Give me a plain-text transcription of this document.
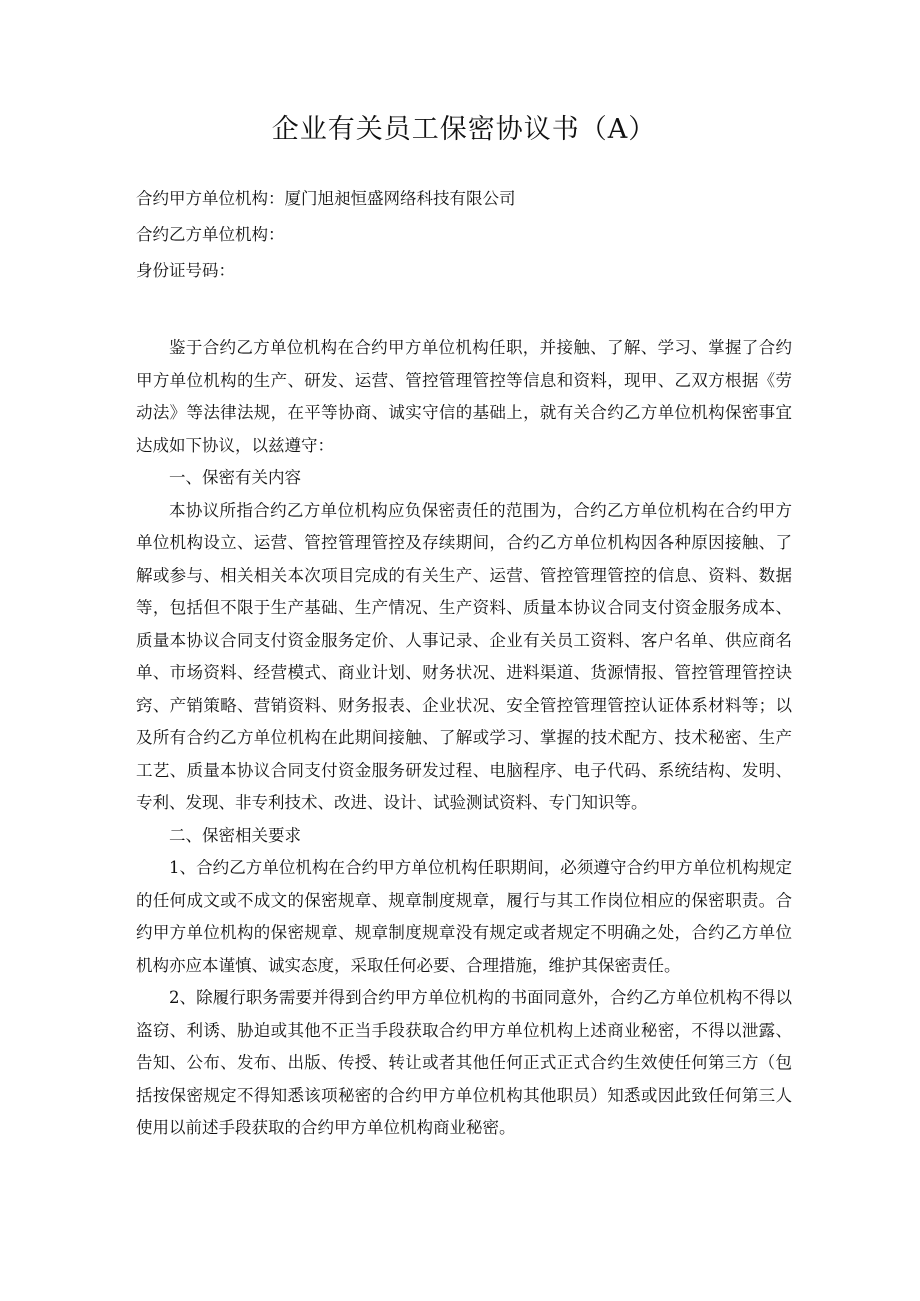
企业有关员工保密协议书（A）
合约甲方单位机构：厦门旭昶恒盛网络科技有限公司
合约乙方单位机构：
身份证号码：

鉴于合约乙方单位机构在合约甲方单位机构任职，并接触、了解、学习、掌握了合约甲方单位机构的生产、研发、运营、管控管理管控等信息和资料，现甲、乙双方根据《劳动法》等法律法规，在平等协商、诚实守信的基础上，就有关合约乙方单位机构保密事宜达成如下协议，以兹遵守：

一、保密有关内容

本协议所指合约乙方单位机构应负保密责任的范围为，合约乙方单位机构在合约甲方单位机构设立、运营、管控管理管控及存续期间，合约乙方单位机构因各种原因接触、了解或参与、相关相关本次项目完成的有关生产、运营、管控管理管控的信息、资料、数据等，包括但不限于生产基础、生产情况、生产资料、质量本协议合同支付资金服务成本、质量本协议合同支付资金服务定价、人事记录、企业有关员工资料、客户名单、供应商名单、市场资料、经营模式、商业计划、财务状况、进料渠道、货源情报、管控管理管控诀窍、产销策略、营销资料、财务报表、企业状况、安全管控管理管控认证体系材料等；以及所有合约乙方单位机构在此期间接触、了解或学习、掌握的技术配方、技术秘密、生产工艺、质量本协议合同支付资金服务研发过程、电脑程序、电子代码、系统结构、发明、专利、发现、非专利技术、改进、设计、试验测试资料、专门知识等。

二、保密相关要求

1、合约乙方单位机构在合约甲方单位机构任职期间，必须遵守合约甲方单位机构规定的任何成文或不成文的保密规章、规章制度规章，履行与其工作岗位相应的保密职责。合约甲方单位机构的保密规章、规章制度规章没有规定或者规定不明确之处，合约乙方单位机构亦应本谨慎、诚实态度，采取任何必要、合理措施，维护其保密责任。

2、除履行职务需要并得到合约甲方单位机构的书面同意外，合约乙方单位机构不得以盗窃、利诱、胁迫或其他不正当手段获取合约甲方单位机构上述商业秘密，不得以泄露、告知、公布、发布、出版、传授、转让或者其他任何正式正式合约生效使任何第三方（包括按保密规定不得知悉该项秘密的合约甲方单位机构其他职员）知悉或因此致任何第三人使用以前述手段获取的合约甲方单位机构商业秘密。
